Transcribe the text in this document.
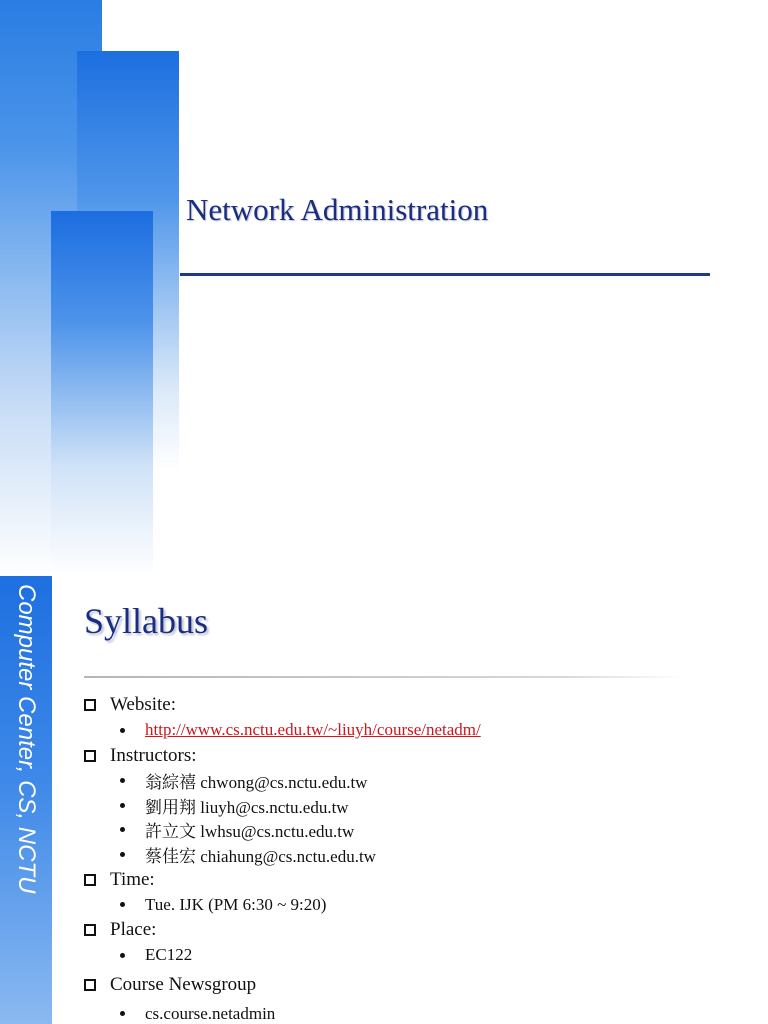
Network Administration
Computer Center, CS, NCTU Syllabus
Website:
http://www.cs.nctu.edu.tw/~liuyh/course/netadm/
Instructors:
翁綜禧 chwong@cs.nctu.edu.tw
劉用翔 liuyh@cs.nctu.edu.tw
許立文 lwhsu@cs.nctu.edu.tw
蔡佳宏 chiahung@cs.nctu.edu.tw
Time:
Tue. IJK (PM 6:30 ~ 9:20)
Place:
EC122
Course Newsgroup
cs.course.netadmin
